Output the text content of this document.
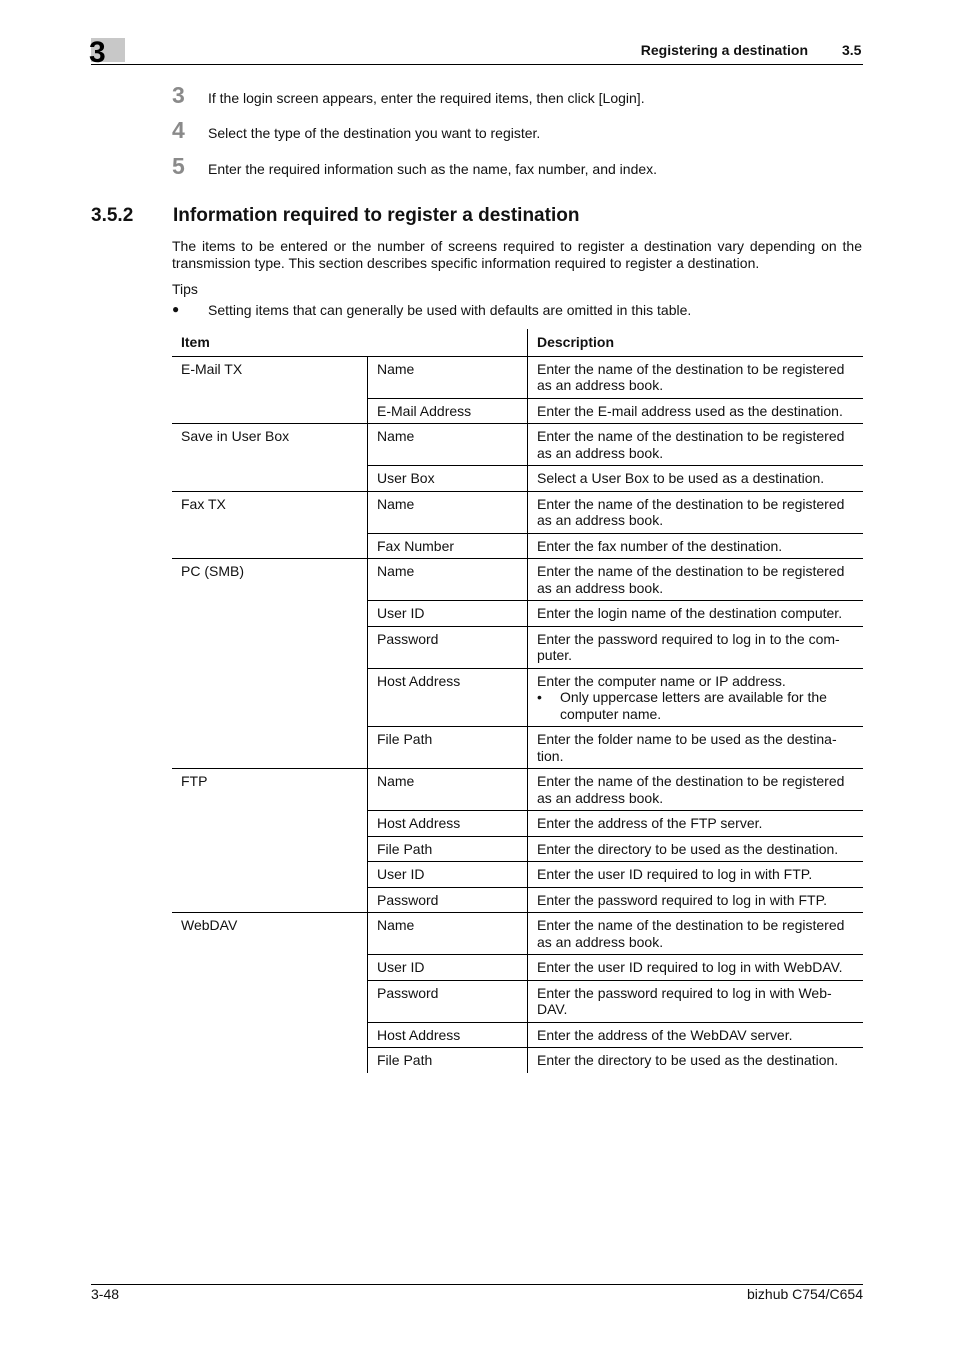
3	Registering a destination 3.5
3 If the login screen appears, enter the required items, then click [Login].
4 Select the type of the destination you want to register.
5 Enter the required information such as the name, fax number, and index.
3.5.2 Information required to register a destination
The items to be entered or the number of screens required to register a destination vary depending on the transmission type. This section describes specific information required to register a destination.
Tips
● Setting items that can generally be used with defaults are omitted in this table.
Item		Description
E-Mail TX	Name	Enter the name of the destination to be registered as an address book.
	E-Mail Address	Enter the E-mail address used as the destination.
Save in User Box	Name	Enter the name of the destination to be registered as an address book.
	User Box	Select a User Box to be used as a destination.
Fax TX	Name	Enter the name of the destination to be registered as an address book.
	Fax Number	Enter the fax number of the destination.
PC (SMB)	Name	Enter the name of the destination to be registered as an address book.
	User ID	Enter the login name of the destination computer.
	Password	Enter the password required to log in to the com-puter.
	Host Address	Enter the computer name or IP address.
• Only uppercase letters are available for the computer name.

	File Path	Enter the folder name to be used as the destina-tion.
FTP	Name	Enter the name of the destination to be registered as an address book.
	Host Address	Enter the address of the FTP server.
	File Path	Enter the directory to be used as the destination.
	User ID	Enter the user ID required to log in with FTP.
	Password	Enter the password required to log in with FTP.
WebDAV	Name	Enter the name of the destination to be registered as an address book.
	User ID	Enter the user ID required to log in with WebDAV.
	Password	Enter the password required to log in with Web-DAV.
	Host Address	Enter the address of the WebDAV server.
	File Path	Enter the directory to be used as the destination.
3-48	bizhub C754/C654
